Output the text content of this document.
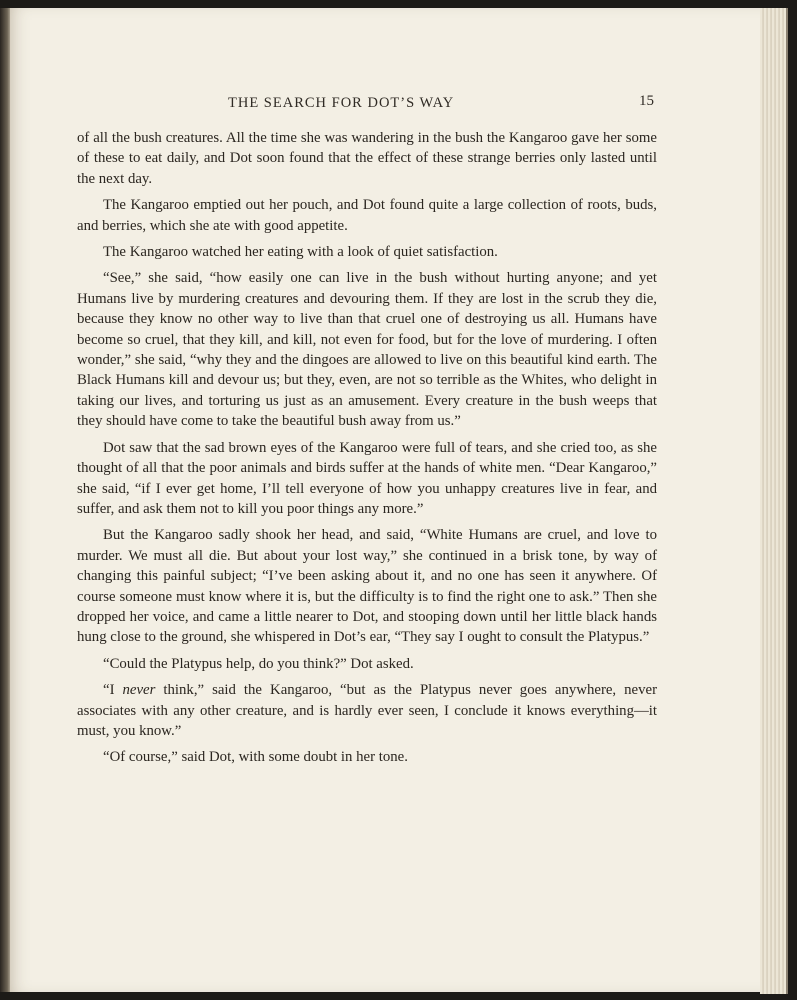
THE SEARCH FOR DOT’S WAY	15

of all the bush creatures. All the time she was wandering in the bush the Kangaroo gave her some of these to eat daily, and Dot soon found that the effect of these strange berries only lasted until the next day.

The Kangaroo emptied out her pouch, and Dot found quite a large collection of roots, buds, and berries, which she ate with good appetite.

The Kangaroo watched her eating with a look of quiet satisfaction.

“See,” she said, “how easily one can live in the bush without hurting anyone; and yet Humans live by murdering creatures and devouring them. If they are lost in the scrub they die, because they know no other way to live than that cruel one of destroying us all. Humans have become so cruel, that they kill, and kill, not even for food, but for the love of murdering. I often wonder,” she said, “why they and the dingoes are allowed to live on this beautiful kind earth. The Black Humans kill and devour us; but they, even, are not so terrible as the Whites, who delight in taking our lives, and torturing us just as an amusement. Every creature in the bush weeps that they should have come to take the beautiful bush away from us.”

Dot saw that the sad brown eyes of the Kangaroo were full of tears, and she cried too, as she thought of all that the poor animals and birds suffer at the hands of white men. “Dear Kangaroo,” she said, “if I ever get home, I’ll tell everyone of how you unhappy creatures live in fear, and suffer, and ask them not to kill you poor things any more.”

But the Kangaroo sadly shook her head, and said, “White Humans are cruel, and love to murder. We must all die. But about your lost way,” she continued in a brisk tone, by way of changing this painful subject; “I’ve been asking about it, and no one has seen it anywhere. Of course someone must know where it is, but the difficulty is to find the right one to ask.” Then she dropped her voice, and came a little nearer to Dot, and stooping down until her little black hands hung close to the ground, she whispered in Dot’s ear, “They say I ought to consult the Platypus.”

“Could the Platypus help, do you think?” Dot asked.

“I never think,” said the Kangaroo, “but as the Platypus never goes anywhere, never associates with any other creature, and is hardly ever seen, I conclude it knows everything—it must, you know.”

“Of course,” said Dot, with some doubt in her tone.
